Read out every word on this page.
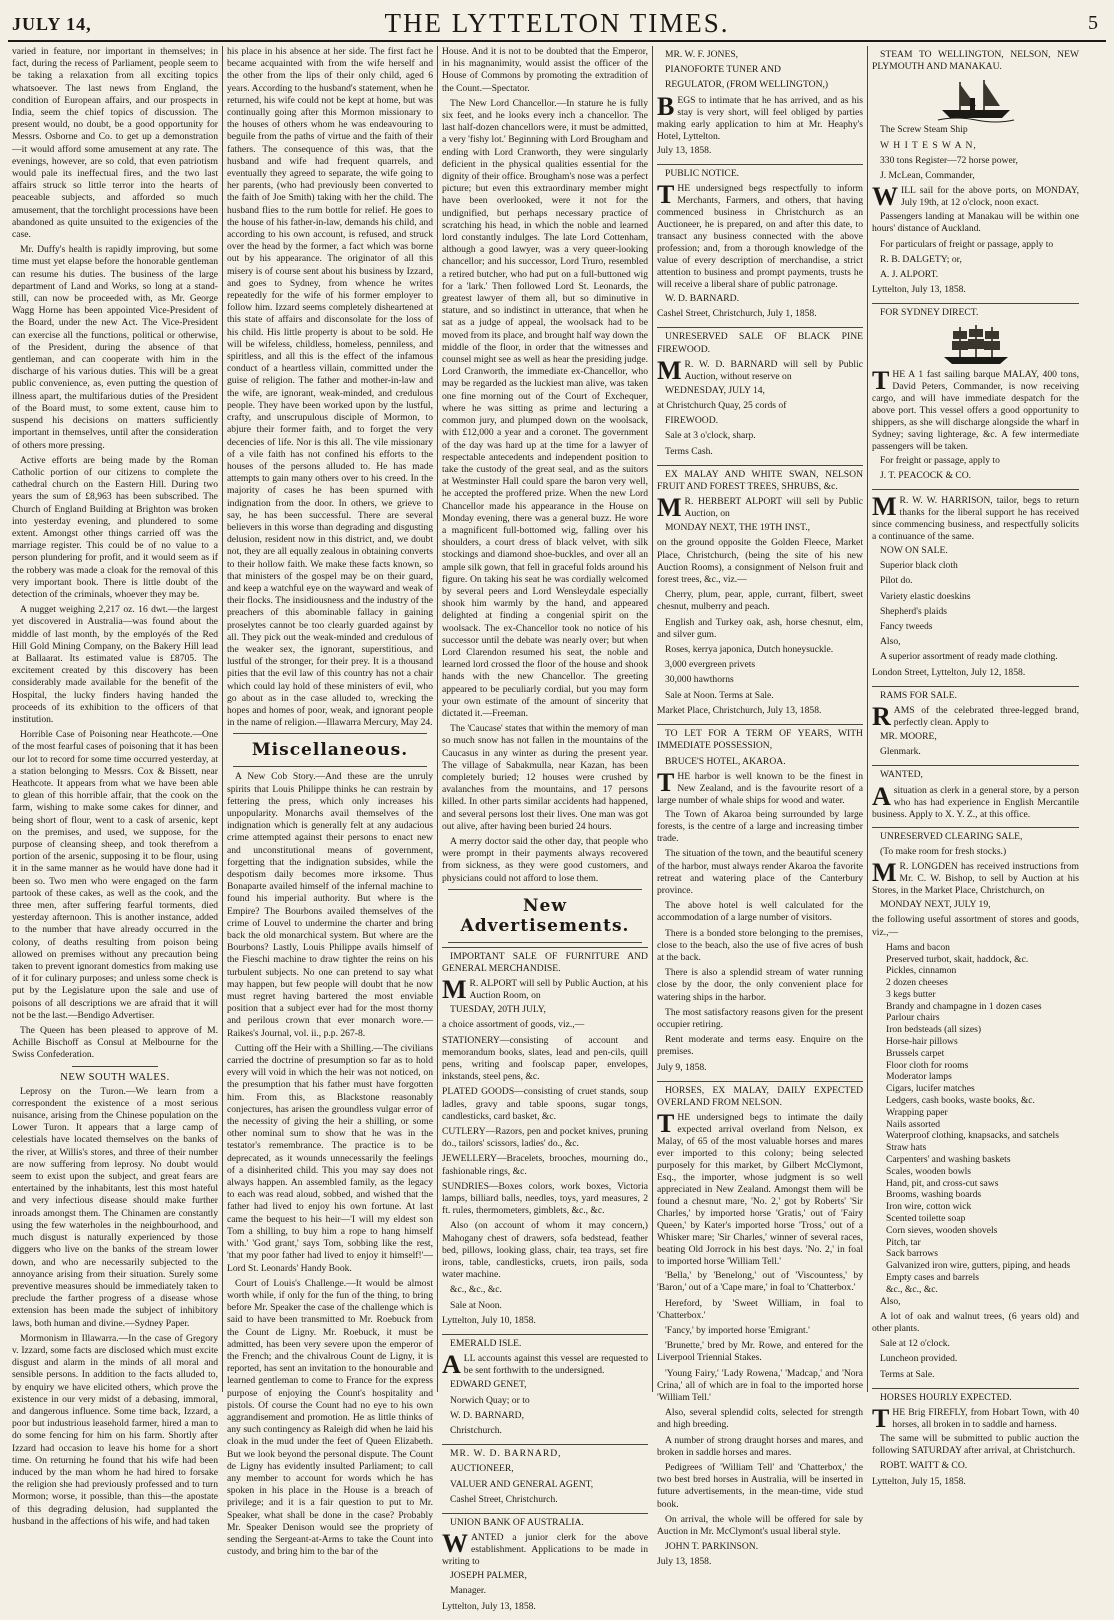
JULY 14,	THE LYTTELTON TIMES.	5

varied in feature, nor important in themselves; in fact, during the recess of Parliament, people seem to be taking a relaxation from all exciting topics whatsoever. The last news from England, the condition of European affairs, and our prospects in India, seem the chief topics of discussion. The present would, no doubt, be a good opportunity for Messrs. Osborne and Co. to get up a demonstration—it would afford some amusement at any rate. The evenings, however, are so cold, that even patriotism would pale its ineffectual fires, and the two last affairs struck so little terror into the hearts of peaceable subjects, and afforded so much amusement, that the torchlight processions have been abandoned as quite unsuited to the exigencies of the case.

Mr. Duffy's health is rapidly improving, but some time must yet elapse before the honorable gentleman can resume his duties. The business of the large department of Land and Works, so long at a stand-still, can now be proceeded with, as Mr. George Wagg Horne has been appointed Vice-President of the Board, under the new Act. The Vice-President can exercise all the functions, political or otherwise, of the President, during the absence of that gentleman, and can cooperate with him in the discharge of his various duties. This will be a great public convenience, as, even putting the question of illness apart, the multifarious duties of the President of the Board must, to some extent, cause him to suspend his decisions on matters sufficiently important in themselves, until after the consideration of others more pressing.

Active efforts are being made by the Roman Catholic portion of our citizens to complete the cathedral church on the Eastern Hill. During two years the sum of £8,963 has been subscribed. The Church of England Building at Brighton was broken into yesterday evening, and plundered to some extent. Amongst other things carried off was the marriage register. This could be of no value to a person plundering for profit, and it would seem as if the robbery was made a cloak for the removal of this very important book. There is little doubt of the detection of the criminals, whoever they may be.

A nugget weighing 2,217 oz. 16 dwt.—the largest yet discovered in Australia—was found about the middle of last month, by the employés of the Red Hill Gold Mining Company, on the Bakery Hill lead at Ballaarat. Its estimated value is £8705. The excitement created by this discovery has been considerably made available for the benefit of the Hospital, the lucky finders having handed the proceeds of its exhibition to the officers of that institution.

Horrible Case of Poisoning near Heathcote.—One of the most fearful cases of poisoning that it has been our lot to record for some time occurred yesterday, at a station belonging to Messrs. Cox & Bissett, near Heathcote. It appears from what we have been able to glean of this horrible affair, that the cook on the farm, wishing to make some cakes for dinner, and being short of flour, went to a cask of arsenic, kept on the premises, and used, we suppose, for the purpose of cleansing sheep, and took therefrom a portion of the arsenic, supposing it to be flour, using it in the same manner as he would have done had it been so. Two men who were engaged on the farm partook of these cakes, as well as the cook, and the three men, after suffering fearful torments, died yesterday afternoon. This is another instance, added to the number that have already occurred in the colony, of deaths resulting from poison being allowed on premises without any precaution being taken to prevent ignorant domestics from making use of it for culinary purposes; and unless some check is put by the Legislature upon the sale and use of poisons of all descriptions we are afraid that it will not be the last.—Bendigo Advertiser.

The Queen has been pleased to approve of M. Achille Bischoff as Consul at Melbourne for the Swiss Confederation.

NEW SOUTH WALES.

Leprosy on the Turon.—We learn from a correspondent the existence of a most serious nuisance, arising from the Chinese population on the Lower Turon. It appears that a large camp of celestials have located themselves on the banks of the river, at Willis's stores, and three of their number are now suffering from leprosy. No doubt would seem to exist upon the subject, and great fears are entertained by the inhabitants, lest this most hateful and very infectious disease should make further inroads amongst them. The Chinamen are constantly using the few waterholes in the neighbourhood, and much disgust is naturally experienced by those diggers who live on the banks of the stream lower down, and who are necessarily subjected to the annoyance arising from their situation. Surely some preventive measures should be immediately taken to preclude the farther progress of a disease whose extension has been made the subject of inhibitory laws, both human and divine.—Sydney Paper.

Mormonism in Illawarra.—In the case of Gregory v. Izzard, some facts are disclosed which must excite disgust and alarm in the minds of all moral and sensible persons. In addition to the facts alluded to, by enquiry we have elicited others, which prove the existence in our very midst of a debasing, immoral, and dangerous influence. Some time back, Izzard, a poor but industrious leasehold farmer, hired a man to do some fencing for him on his farm. Shortly after Izzard had occasion to leave his home for a short time. On returning he found that his wife had been induced by the man whom he had hired to forsake the religion she had previously professed and to turn Mormon; worse, it possible, than this—the apostate of this degrading delusion, had supplanted the husband in the affections of his wife, and had taken

his place in his absence at her side. The first fact he became acquainted with from the wife herself and the other from the lips of their only child, aged 6 years. According to the husband's statement, when he returned, his wife could not be kept at home, but was continually going after this Mormon missionary to the houses of others whom he was endeavouring to beguile from the paths of virtue and the faith of their fathers. The consequence of this was, that the husband and wife had frequent quarrels, and eventually they agreed to separate, the wife going to her parents, (who had previously been converted to the faith of Joe Smith) taking with her the child. The husband flies to the rum bottle for relief. He goes to the house of his father-in-law, demands his child, and according to his own account, is refused, and struck over the head by the former, a fact which was borne out by his appearance. The originator of all this misery is of course sent about his business by Izzard, and goes to Sydney, from whence he writes repeatedly for the wife of his former employer to follow him. Izzard seems completely disheartened at this state of affairs and disconsolate for the loss of his child. His little property is about to be sold. He will be wifeless, childless, homeless, penniless, and spiritless, and all this is the effect of the infamous conduct of a heartless villain, committed under the guise of religion. The father and mother-in-law and the wife, are ignorant, weak-minded, and credulous people. They have been worked upon by the lustful, crafty, and unscrupulous disciple of Mormon, to abjure their former faith, and to forget the very decencies of life. Nor is this all. The vile missionary of a vile faith has not confined his efforts to the houses of the persons alluded to. He has made attempts to gain many others over to his creed. In the majority of cases he has been spurned with indignation from the door. In others, we grieve to say, he has been successful. There are several believers in this worse than degrading and disgusting delusion, resident now in this district, and, we doubt not, they are all equally zealous in obtaining converts to their hollow faith. We make these facts known, so that ministers of the gospel may be on their guard, and keep a watchful eye on the wayward and weak of their flocks. The insidiousness and the industry of the preachers of this abominable fallacy in gaining proselytes cannot be too clearly guarded against by all. They pick out the weak-minded and credulous of the weaker sex, the ignorant, superstitious, and lustful of the stronger, for their prey. It is a thousand pities that the evil law of this country has not a chair which could lay hold of these ministers of evil, who go about as in the case alluded to, wrecking the hopes and homes of poor, weak, and ignorant people in the name of religion.—Illawarra Mercury, May 24.

Miscellaneous.

A New Cob Story.—And these are the unruly spirits that Louis Philippe thinks he can restrain by fettering the press, which only increases his unpopularity. Monarchs avail themselves of the indignation which is generally felt at any audacious crime attempted against their persons to enact new and unconstitutional means of government, forgetting that the indignation subsides, while the despotism daily becomes more irksome. Thus Bonaparte availed himself of the infernal machine to found his imperial authority. But where is the Empire? The Bourbons availed themselves of the crime of Louvel to undermine the charter and bring back the old monarchical system. But where are the Bourbons? Lastly, Louis Philippe avails himself of the Fieschi machine to draw tighter the reins on his turbulent subjects. No one can pretend to say what may happen, but few people will doubt that he now must regret having bartered the most enviable position that a subject ever had for the most thorny and perilous crown that ever monarch wore.—Raikes's Journal, vol. ii., p.p. 267-8.

Cutting off the Heir with a Shilling.—The civilians carried the doctrine of presumption so far as to hold every will void in which the heir was not noticed, on the presumption that his father must have forgotten him. From this, as Blackstone reasonably conjectures, has arisen the groundless vulgar error of the necessity of giving the heir a shilling, or some other nominal sum to show that he was in the testator's remembrance. The practice is to be deprecated, as it wounds unnecessarily the feelings of a disinherited child. This you may say does not always happen. An assembled family, as the legacy to each was read aloud, sobbed, and wished that the father had lived to enjoy his own fortune. At last came the bequest to his heir—'I will my eldest son Tom a shilling, to buy him a rope to hang himself with.' 'God grant,' says Tom, sobbing like the rest, 'that my poor father had lived to enjoy it himself!'—Lord St. Leonards' Handy Book.

Court of Louis's Challenge.—It would be almost worth while, if only for the fun of the thing, to bring before Mr. Speaker the case of the challenge which is said to have been transmitted to Mr. Roebuck from the Count de Ligny. Mr. Roebuck, it must be admitted, has been very severe upon the emperor of the French; and the chivalrous Count de Ligny, it is reported, has sent an invitation to the honourable and learned gentleman to come to France for the express purpose of enjoying the Count's hospitality and pistols. Of course the Count had no eye to his own aggrandisement and promotion. He as little thinks of any such contingency as Raleigh did when he laid his cloak in the mud under the feet of Queen Elizabeth. But we look beyond the personal dispute. The Count de Ligny has evidently insulted Parliament; to call any member to account for words which he has spoken in his place in the House is a breach of privilege; and it is a fair question to put to Mr. Speaker, what shall be done in the case? Probably Mr. Speaker Denison would see the propriety of sending the Sergeant-at-Arms to take the Count into custody, and bring him to the bar of the

House. And it is not to be doubted that the Emperor, in his magnanimity, would assist the officer of the House of Commons by promoting the extradition of the Count.—Spectator.

The New Lord Chancellor.—In stature he is fully six feet, and he looks every inch a chancellor. The last half-dozen chancellors were, it must be admitted, a very 'fishy lot.' Beginning with Lord Brougham and ending with Lord Cranworth, they were singularly deficient in the physical qualities essential for the dignity of their office. Brougham's nose was a perfect picture; but even this extraordinary member might have been overlooked, were it not for the undignified, but perhaps necessary practice of scratching his head, in which the noble and learned lord constantly indulges. The late Lord Cottenham, although a good lawyer, was a very queer-looking chancellor; and his successor, Lord Truro, resembled a retired butcher, who had put on a full-buttoned wig for a 'lark.' Then followed Lord St. Leonards, the greatest lawyer of them all, but so diminutive in stature, and so indistinct in utterance, that when he sat as a judge of appeal, the woolsack had to be moved from its place, and brought half way down the middle of the floor, in order that the witnesses and counsel might see as well as hear the presiding judge. Lord Cranworth, the immediate ex-Chancellor, who may be regarded as the luckiest man alive, was taken one fine morning out of the Court of Exchequer, where he was sitting as prime and lecturing a common jury, and plumped down on the woolsack, with £12,000 a year and a coronet. The government of the day was hard up at the time for a lawyer of respectable antecedents and independent position to take the custody of the great seal, and as the suitors at Westminster Hall could spare the baron very well, he accepted the proffered prize. When the new Lord Chancellor made his appearance in the House on Monday evening, there was a general buzz. He wore a magnificent full-bottomed wig, falling over his shoulders, a court dress of black velvet, with silk stockings and diamond shoe-buckles, and over all an ample silk gown, that fell in graceful folds around his figure. On taking his seat he was cordially welcomed by several peers and Lord Wensleydale especially shook him warmly by the hand, and appeared delighted at finding a congenial spirit on the woolsack. The ex-Chancellor took no notice of his successor until the debate was nearly over; but when Lord Clarendon resumed his seat, the noble and learned lord crossed the floor of the house and shook hands with the new Chancellor. The greeting appeared to be peculiarly cordial, but you may form your own estimate of the amount of sincerity that dictated it.—Freeman.

The 'Caucase' states that within the memory of man so much snow has not fallen in the mountains of the Caucasus in any winter as during the present year. The village of Sabakmulla, near Kazan, has been completely buried; 12 houses were crushed by avalanches from the mountains, and 17 persons killed. In other parts similar accidents had happened, and several persons lost their lives. One man was got out alive, after having been buried 24 hours.

A merry doctor said the other day, that people who were prompt in their payments always recovered from sickness, as they were good customers, and physicians could not afford to lose them.

New Advertisements.

IMPORTANT SALE OF FURNITURE AND GENERAL MERCHANDISE.

M R. ALPORT will sell by Public Auction, at his Auction Room, on

TUESDAY, 20TH JULY,

a choice assortment of goods, viz.,—

STATIONERY—consisting of account and memorandum books, slates, lead and pen-cils, quill pens, writing and foolscap paper, envelopes, inkstands, steel pens, &c.

PLATED GOODS—consisting of cruet stands, soup ladles, gravy and table spoons, sugar tongs, candlesticks, card basket, &c.

CUTLERY—Razors, pen and pocket knives, pruning do., tailors' scissors, ladies' do., &c.

JEWELLERY—Bracelets, brooches, mourning do., fashionable rings, &c.

SUNDRIES—Boxes colors, work boxes, Victoria lamps, billiard balls, needles, toys, yard measures, 2 ft. rules, thermometers, gimblets, &c., &c.

Also (on account of whom it may concern,) Mahogany chest of drawers, sofa bedstead, feather bed, pillows, looking glass, chair, tea trays, set fire irons, table, candlesticks, cruets, iron pails, soda water machine.

&c., &c., &c.

Sale at Noon.

Lyttelton, July 10, 1858.

EMERALD ISLE.

ALL accounts against this vessel are requested to be sent forthwith to the undersigned.

EDWARD GENET,

Norwich Quay; or to

W. D. BARNARD,

Christchurch.

MR. W. D. BARNARD,

AUCTIONEER,

VALUER AND GENERAL AGENT,

Cashel Street, Christchurch.

UNION BANK OF AUSTRALIA.

WANTED a junior clerk for the above establishment. Applications to be made in writing to

JOSEPH PALMER,

Manager.

Lyttelton, July 13, 1858.

MR. W. F. JONES,

PIANOFORTE TUNER AND

REGULATOR, (FROM WELLINGTON,)

BEGS to intimate that he has arrived, and as his stay is very short, will feel obliged by parties making early application to him at Mr. Heaphy's Hotel, Lyttelton.

July 13, 1858.

PUBLIC NOTICE.

THE undersigned begs respectfully to inform Merchants, Farmers, and others, that having commenced business in Christchurch as an Auctioneer, he is prepared, on and after this date, to transact any business connected with the above profession; and, from a thorough knowledge of the value of every description of merchandise, a strict attention to business and prompt payments, trusts he will receive a liberal share of public patronage.

W. D. BARNARD.

Cashel Street, Christchurch, July 1, 1858.

UNRESERVED SALE OF BLACK PINE FIREWOOD.

M R. W. D. BARNARD will sell by Public Auction, without reserve on

WEDNESDAY, JULY 14,

at Christchurch Quay, 25 cords of

FIREWOOD.

Sale at 3 o'clock, sharp.

Terms Cash.

EX MALAY AND WHITE SWAN, NELSON FRUIT AND FOREST TREES, SHRUBS, &c.

M R. HERBERT ALPORT will sell by Public Auction, on

MONDAY NEXT, THE 19TH INST.,

on the ground opposite the Golden Fleece, Market Place, Christchurch, (being the site of his new Auction Rooms), a consignment of Nelson fruit and forest trees, &c., viz.—

Cherry, plum, pear, apple, currant, filbert, sweet chesnut, mulberry and peach.

English and Turkey oak, ash, horse chesnut, elm, and silver gum.

Roses, kerrya japonica, Dutch honeysuckle.

3,000 evergreen privets

30,000 hawthorns

Sale at Noon. Terms at Sale.

Market Place, Christchurch, July 13, 1858.

TO LET FOR A TERM OF YEARS, WITH IMMEDIATE POSSESSION,

BRUCE'S HOTEL, AKAROA.

THE harbor is well known to be the finest in New Zealand, and is the favourite resort of a large number of whale ships for wood and water.

The Town of Akaroa being surrounded by large forests, is the centre of a large and increasing timber trade.

The situation of the town, and the beautiful scenery of the harbor, must always render Akaroa the favorite retreat and watering place of the Canterbury province.

The above hotel is well calculated for the accommodation of a large number of visitors.

There is a bonded store belonging to the premises, close to the beach, also the use of five acres of bush at the back.

There is also a splendid stream of water running close by the door, the only convenient place for watering ships in the harbor.

The most satisfactory reasons given for the present occupier retiring.

Rent moderate and terms easy. Enquire on the premises.

July 9, 1858.

HORSES, EX MALAY, DAILY EXPECTED OVERLAND FROM NELSON.

THE undersigned begs to intimate the daily expected arrival overland from Nelson, ex Malay, of 65 of the most valuable horses and mares ever imported to this colony; being selected purposely for this market, by Gilbert McClymont, Esq., the importer, whose judgment is so well appreciated in New Zealand. Amongst them will be found a chesnut mare, 'No. 2,' got by Roberts' 'Sir Charles,' by imported horse 'Gratis,' out of 'Fairy Queen,' by Kater's imported horse 'Tross,' out of a Whisker mare; 'Sir Charles,' winner of several races, beating Old Jorrock in his best days. 'No. 2,' in foal to imported horse 'William Tell.'

'Bella,' by 'Benelong,' out of 'Viscountess,' by 'Baron,' out of a 'Cape mare,' in foal to 'Chatterbox.'

Hereford, by 'Sweet William, in foal to 'Chatterbox.'

'Fancy,' by imported horse 'Emigrant.'

'Brunette,' bred by Mr. Rowe, and entered for the Liverpool Triennial Stakes.

'Young Fairy,' 'Lady Rowena,' 'Madcap,' and 'Nora Crina,' all of which are in foal to the imported horse 'William Tell.'

Also, several splendid colts, selected for strength and high breeding.

A number of strong draught horses and mares, and broken in saddle horses and mares.

Pedigrees of 'William Tell' and 'Chatterbox,' the two best bred horses in Australia, will be inserted in future advertisements, in the mean-time, vide stud book.

On arrival, the whole will be offered for sale by Auction in Mr. McClymont's usual liberal style.

JOHN T. PARKINSON.

July 13, 1858.

STEAM TO WELLINGTON, NELSON, NEW PLYMOUTH AND MANAKAU.

The Screw Steam Ship

W H I T E S W A N,

330 tons Register—72 horse power,

J. McLean, Commander,

WILL sail for the above ports, on MONDAY, July 19th, at 12 o'clock, noon exact.

Passengers landing at Manakau will be within one hours' distance of Auckland.

For particulars of freight or passage, apply to

R. B. DALGETY; or,

A. J. ALPORT.

Lyttelton, July 13, 1858.

FOR SYDNEY DIRECT.

THE A 1 fast sailing barque MALAY, 400 tons, David Peters, Commander, is now receiving cargo, and will have immediate despatch for the above port. This vessel offers a good opportunity to shippers, as she will discharge alongside the wharf in Sydney; saving lighterage, &c. A few intermediate passengers will be taken.

For freight or passage, apply to

J. T. PEACOCK & CO.

M R. W. W. HARRISON, tailor, begs to return thanks for the liberal support he has received since commencing business, and respectfully solicits a continuance of the same.

NOW ON SALE.

Superior black cloth

Pilot do.

Variety elastic doeskins

Shepherd's plaids

Fancy tweeds

Also,

A superior assortment of ready made clothing.

London Street, Lyttelton, July 12, 1858.

RAMS FOR SALE.

RAMS of the celebrated three-legged brand, perfectly clean. Apply to

MR. MOORE,

Glenmark.

WANTED,

Asituation as clerk in a general store, by a person who has had experience in English Mercantile business. Apply to X. Y. Z., at this office.

UNRESERVED CLEARING SALE,

(To make room for fresh stocks.)

M R. LONGDEN has received instructions from Mr. C. W. Bishop, to sell by Auction at his Stores, in the Market Place, Christchurch, on

MONDAY NEXT, JULY 19,

the following useful assortment of stores and goods, viz.,—

Hams and bacon
Preserved turbot, skait, haddock, &c.
Pickles, cinnamon
2 dozen cheeses
3 kegs butter
Brandy and champagne in 1 dozen cases
Parlour chairs
Iron bedsteads (all sizes)
Horse-hair pillows
Brussels carpet
Floor cloth for rooms
Moderator lamps
Cigars, lucifer matches
Ledgers, cash books, waste books, &c.
Wrapping paper
Nails assorted
Waterproof clothing, knapsacks, and satchels
Straw hats
Carpenters' and washing baskets
Scales, wooden bowls
Hand, pit, and cross-cut saws
Brooms, washing boards
Iron wire, cotton wick
Scented toilette soap
Corn sieves, wooden shovels
Pitch, tar
Sack barrows
Galvanized iron wire, gutters, piping, and heads
Empty cases and barrels
&c., &c., &c.

Also,

A lot of oak and walnut trees, (6 years old) and other plants.

Sale at 12 o'clock.

Luncheon provided.

Terms at Sale.

HORSES HOURLY EXPECTED.

THE Brig FIREFLY, from Hobart Town, with 40 horses, all broken in to saddle and harness.

The same will be submitted to public auction the following SATURDAY after arrival, at Christchurch.

ROBT. WAITT & CO.

Lyttelton, July 15, 1858.
